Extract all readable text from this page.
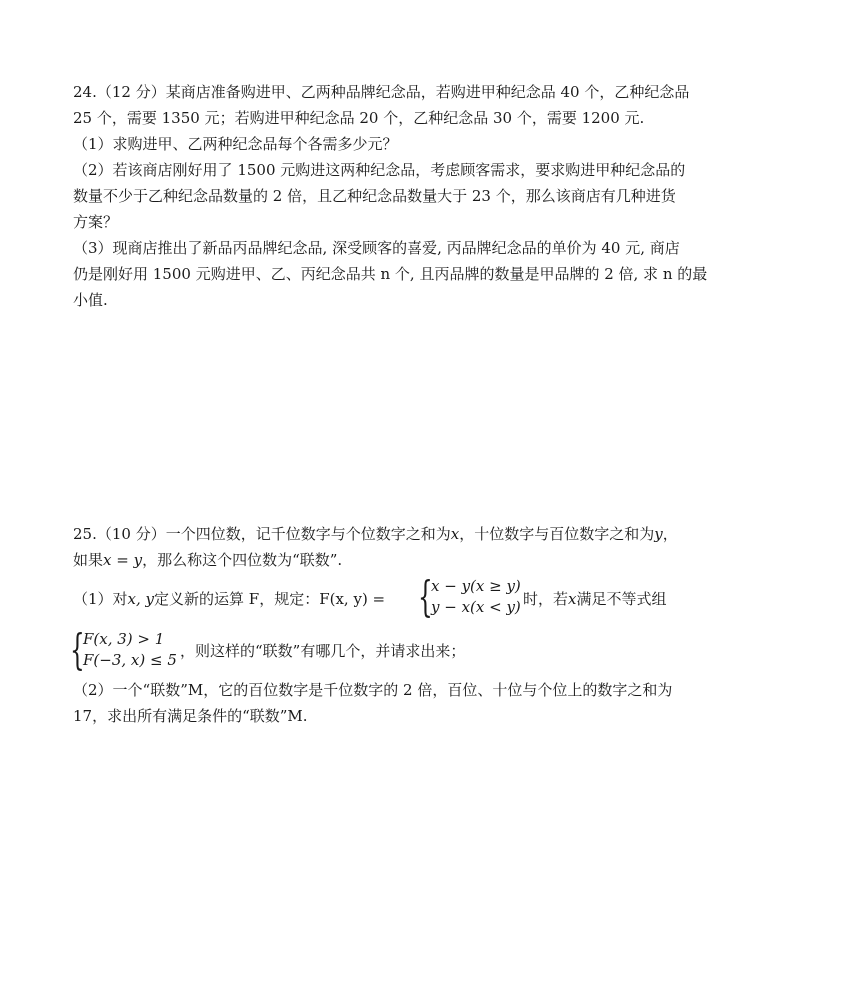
24.（12 分）某商店准备购进甲、乙两种品牌纪念品，若购进甲种纪念品 40 个，乙种纪念品
25 个，需要 1350 元；若购进甲种纪念品 20 个，乙种纪念品 30 个，需要 1200 元.
（1）求购进甲、乙两种纪念品每个各需多少元？
（2）若该商店刚好用了 1500 元购进这两种纪念品，考虑顾客需求，要求购进甲种纪念品的
数量不少于乙种纪念品数量的 2 倍，且乙种纪念品数量大于 23 个，那么该商店有几种进货
方案？
（3）现商店推出了新品丙品牌纪念品, 深受顾客的喜爱, 丙品牌纪念品的单价为 40 元, 商店
仍是刚好用 1500 元购进甲、乙、丙纪念品共 n 个, 且丙品牌的数量是甲品牌的 2 倍, 求 n 的最
小值.
25.（10 分）一个四位数，记千位数字与个位数字之和为x，十位数字与百位数字之和为y，
如果x = y，那么称这个四位数为“联数”.
（1）对x, y定义新的运算 F，规定：F(x, y) = {
x − y(x ≥ y)
y − x(x < y) 时，若x满足不等式组
{
F(x, 3) > 1
F(−3, x) ≤ 5 ，则这样的“联数”有哪几个，并请求出来；
（2）一个“联数”M，它的百位数字是千位数字的 2 倍，百位、十位与个位上的数字之和为
17，求出所有满足条件的“联数”M.
